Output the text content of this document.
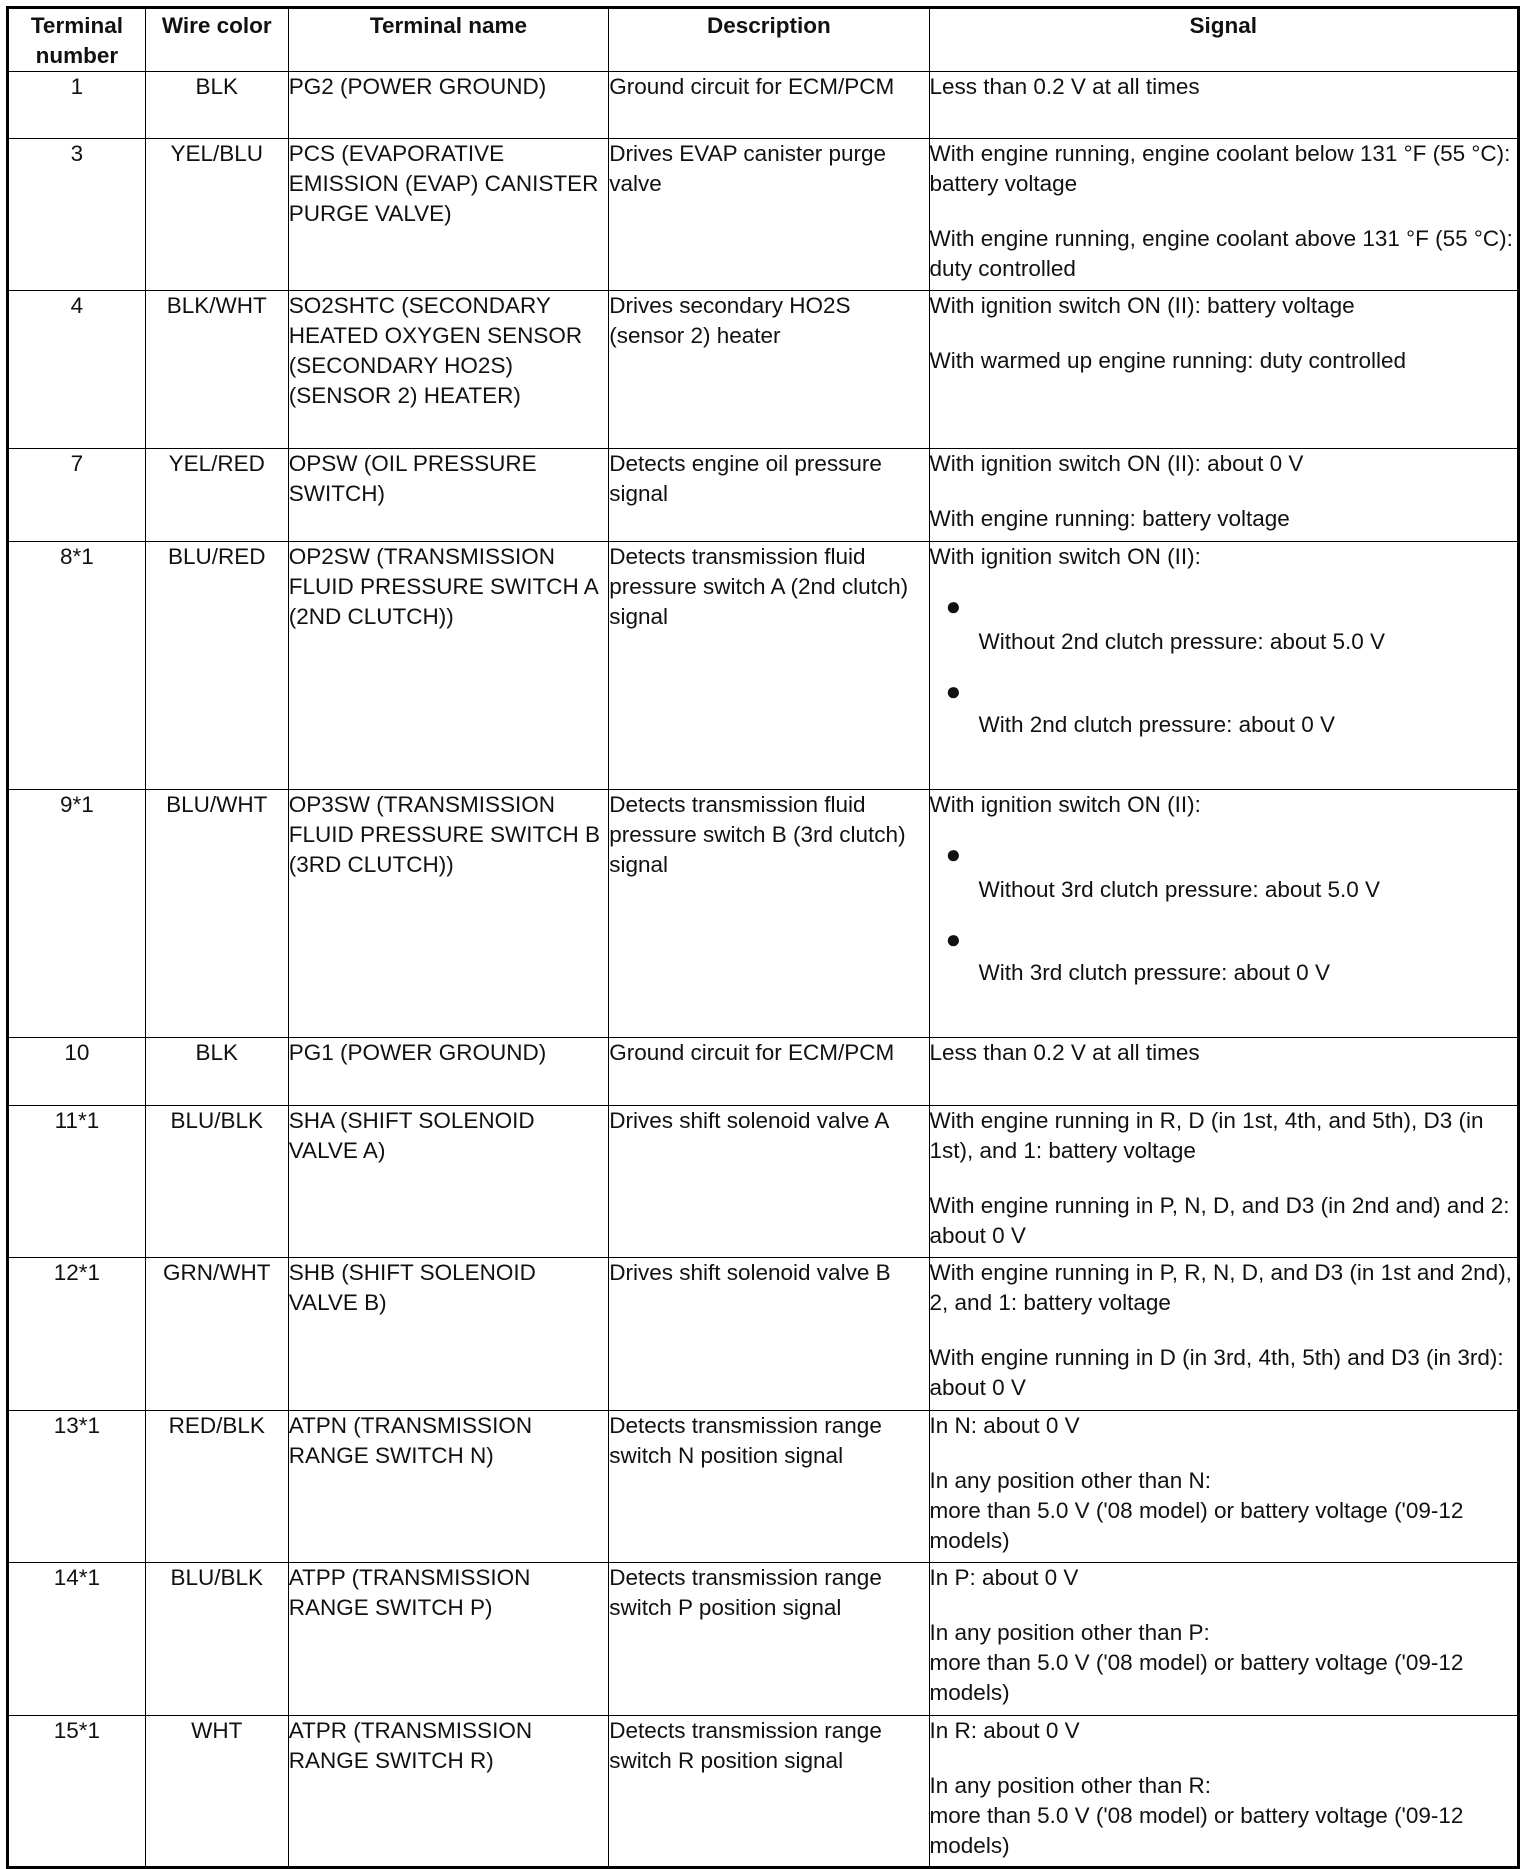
Terminal number	Wire color	Terminal name	Description	Signal
1	BLK	PG2 (POWER GROUND)	Ground circuit for ECM/PCM	Less than 0.2 V at all times

3	YEL/BLU	PCS (EVAPORATIVE EMISSION (EVAP) CANISTER PURGE VALVE)	Drives EVAP canister purge valve	With engine running, engine coolant below 131 °F (55 °C): battery voltage
With engine running, engine coolant above 131 °F (55 °C): duty controlled

4	BLK/WHT	SO2SHTC (SECONDARY HEATED OXYGEN SENSOR (SECONDARY HO2S) (SENSOR 2) HEATER)	Drives secondary HO2S (sensor 2) heater	With ignition switch ON (II): battery voltage
With warmed up engine running: duty controlled

7	YEL/RED	OPSW (OIL PRESSURE SWITCH)	Detects engine oil pressure signal	With ignition switch ON (II): about 0 V
With engine running: battery voltage

8*1	BLU/RED	OP2SW (TRANSMISSION FLUID PRESSURE SWITCH A (2ND CLUTCH))	Detects transmission fluid pressure switch A (2nd clutch) signal	With ignition switch ON (II):
●
Without 2nd clutch pressure: about 5.0 V
●
With 2nd clutch pressure: about 0 V

9*1	BLU/WHT	OP3SW (TRANSMISSION FLUID PRESSURE SWITCH B (3RD CLUTCH))	Detects transmission fluid pressure switch B (3rd clutch) signal	With ignition switch ON (II):
●
Without 3rd clutch pressure: about 5.0 V
●
With 3rd clutch pressure: about 0 V

10	BLK	PG1 (POWER GROUND)	Ground circuit for ECM/PCM	Less than 0.2 V at all times

11*1	BLU/BLK	SHA (SHIFT SOLENOID VALVE A)	Drives shift solenoid valve A	With engine running in R, D (in 1st, 4th, and 5th), D3 (in 1st), and 1: battery voltage
With engine running in P, N, D, and D3 (in 2nd and) and 2: about 0 V

12*1	GRN/WHT	SHB (SHIFT SOLENOID VALVE B)	Drives shift solenoid valve B	With engine running in P, R, N, D, and D3 (in 1st and 2nd), 2, and 1: battery voltage
With engine running in D (in 3rd, 4th, 5th) and D3 (in 3rd): about 0 V

13*1	RED/BLK	ATPN (TRANSMISSION RANGE SWITCH N)	Detects transmission range switch N position signal	In N: about 0 V
In any position other than N:
more than 5.0 V ('08 model) or battery voltage ('09-12 models)

14*1	BLU/BLK	ATPP (TRANSMISSION RANGE SWITCH P)	Detects transmission range switch P position signal	In P: about 0 V
In any position other than P:
more than 5.0 V ('08 model) or battery voltage ('09-12 models)

15*1	WHT	ATPR (TRANSMISSION RANGE SWITCH R)	Detects transmission range switch R position signal	In R: about 0 V
In any position other than R:
more than 5.0 V ('08 model) or battery voltage ('09-12 models)
